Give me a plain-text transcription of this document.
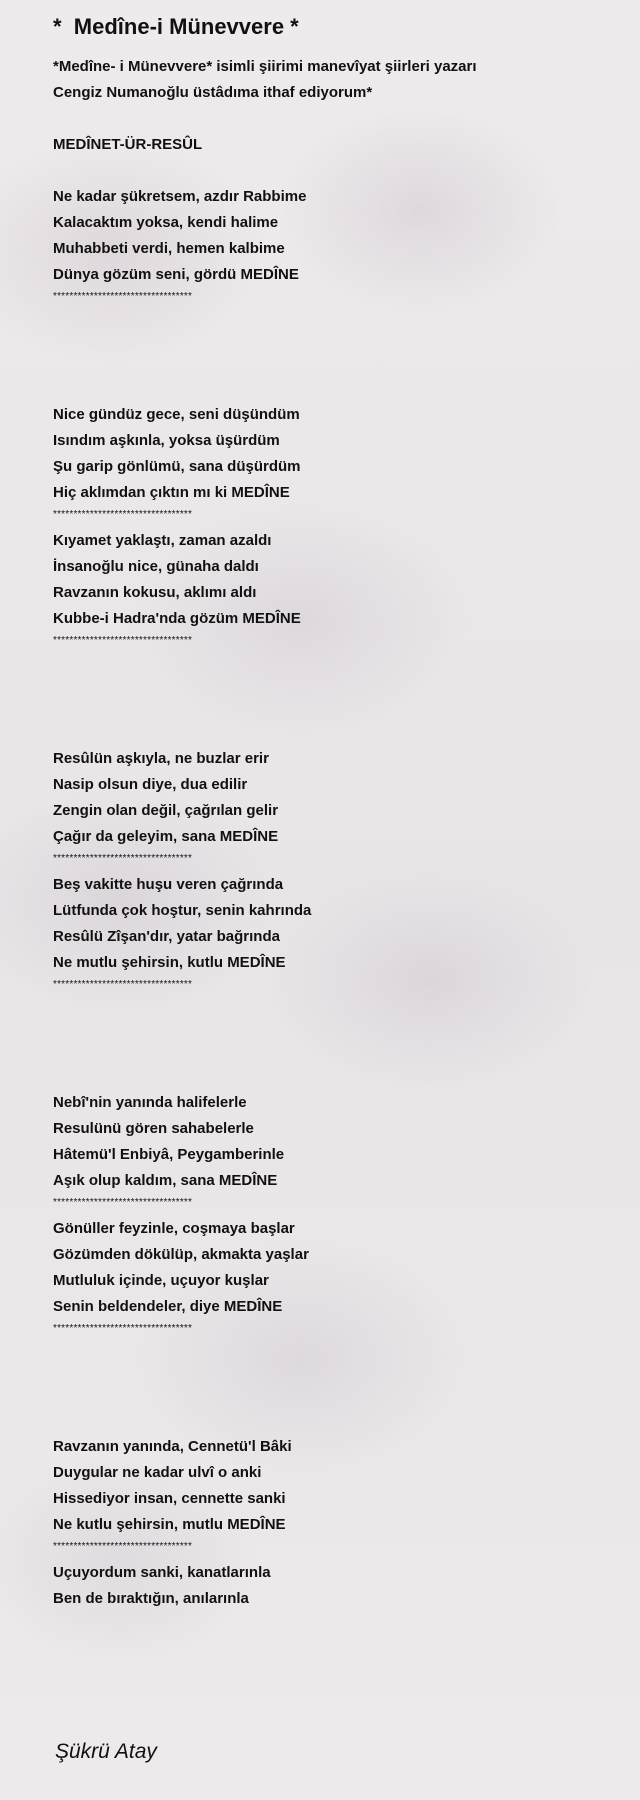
*  Medîne-i Münevvere *
*Medîne- i Münevvere* isimli şiirimi manevîyat şiirleri yazarı
Cengiz Numanoğlu üstâdıma ithaf ediyorum*
MEDÎNET-ÜR-RESÛL
Ne kadar şükretsem, azdır Rabbime
Kalacaktım yoksa, kendi halime
Muhabbeti verdi, hemen kalbime
Dünya gözüm seni, gördü MEDÎNE
**********************************
Nice gündüz gece, seni düşündüm
Isındım aşkınla, yoksa üşürdüm
Şu garip gönlümü, sana düşürdüm
Hiç aklımdan çıktın mı ki MEDÎNE
**********************************
Kıyamet yaklaştı, zaman azaldı
İnsanoğlu nice, günaha daldı
Ravzanın kokusu, aklımı aldı
Kubbe-i Hadra'nda gözüm MEDÎNE
**********************************
Resûlün aşkıyla, ne buzlar erir
Nasip olsun diye, dua edilir
Zengin olan değil, çağrılan gelir
Çağır da geleyim, sana MEDÎNE
**********************************
Beş vakitte huşu veren çağrında
Lütfunda çok hoştur, senin kahrında
Resûlü Zîşan'dır, yatar bağrında
Ne mutlu şehirsin, kutlu MEDÎNE
**********************************
Nebî'nin yanında halifelerle
Resulünü gören sahabelerle
Hâtemü'l Enbiyâ, Peygamberinle
Aşık olup kaldım, sana MEDÎNE
**********************************
Gönüller feyzinle, coşmaya başlar
Gözümden dökülüp, akmakta yaşlar
Mutluluk içinde, uçuyor kuşlar
Senin beldendeler, diye MEDÎNE
**********************************
Ravzanın yanında, Cennetü'l Bâki
Duygular ne kadar ulvî o anki
Hissediyor insan, cennette sanki
Ne kutlu şehirsin, mutlu MEDÎNE
**********************************
Uçuyordum sanki, kanatlarınla
Ben de bıraktığın, anılarınla
Şükrü Atay
